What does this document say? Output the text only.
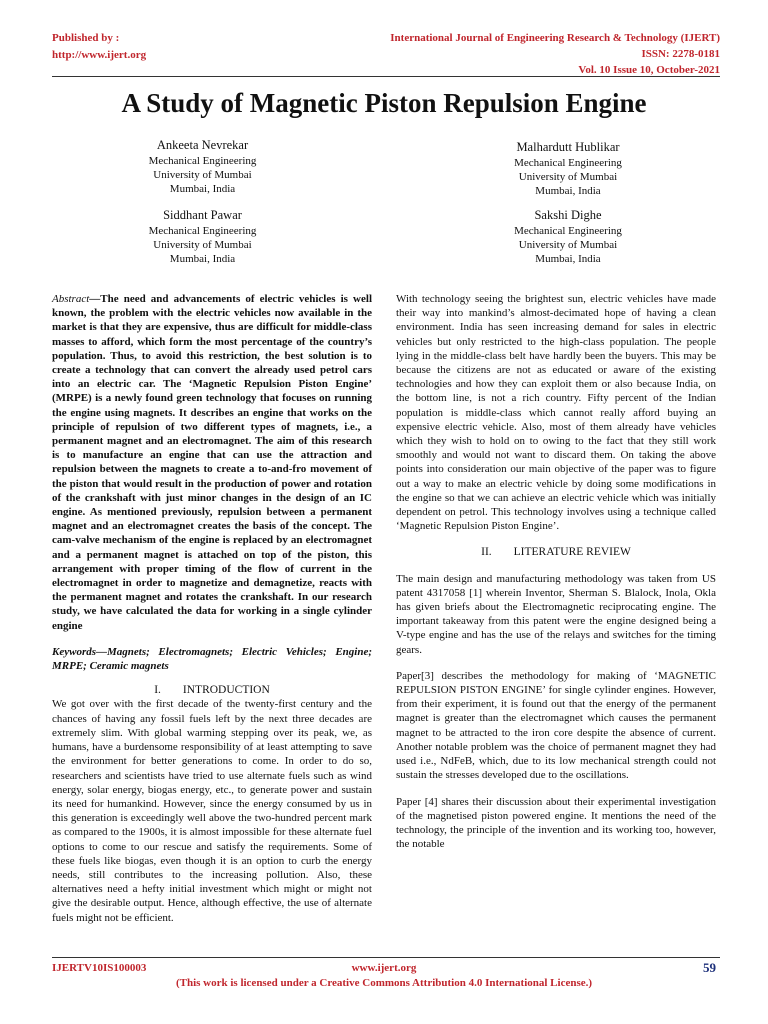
Published by :
http://www.ijert.org
International Journal of Engineering Research & Technology (IJERT)
ISSN: 2278-0181
Vol. 10 Issue 10, October-2021
A Study of Magnetic Piston Repulsion Engine
Ankeeta Nevrekar
Mechanical Engineering
University of Mumbai
Mumbai, India
Malhardutt Hublikar
Mechanical Engineering
University of Mumbai
Mumbai, India
Siddhant Pawar
Mechanical Engineering
University of Mumbai
Mumbai, India
Sakshi Dighe
Mechanical Engineering
University of Mumbai
Mumbai, India

Abstract—The need and advancements of electric vehicles is well known, the problem with the electric vehicles now available in the market is that they are expensive, thus are difficult for middle-class masses to afford, which form the most percentage of the country’s population. Thus, to avoid this restriction, the best solution is to create a technology that can convert the already used petrol cars into an electric car. The ‘Magnetic Repulsion Piston Engine’ (MRPE) is a newly found green technology that focuses on running the engine using magnets. It describes an engine that works on the principle of repulsion of two different types of magnets, i.e., a permanent magnet and an electromagnet. The aim of this research is to manufacture an engine that can use the attraction and repulsion between the magnets to create a to-and-fro movement of the piston that would result in the production of power and rotation of the crankshaft with just minor changes in the design of an IC engine. As mentioned previously, repulsion between a permanent magnet and an electromagnet creates the basis of the concept. The cam-valve mechanism of the engine is replaced by an electromagnet and a permanent magnet is attached on top of the piston, this arrangement with proper timing of the flow of current in the electromagnet in order to magnetize and demagnetize, reacts with the permanent magnet and rotates the crankshaft. In our research study, we have calculated the data for working in a single cylinder engine

Keywords—Magnets; Electromagnets; Electric Vehicles; Engine; MRPE; Ceramic magnets

I. INTRODUCTION

We got over with the first decade of the twenty-first century and the chances of having any fossil fuels left by the next three decades are extremely slim. With global warming stepping over its peak, we, as humans, have a burdensome responsibility of at least attempting to save the environment for better generations to come. In order to do so, researchers and scientists have tried to use alternate fuels such as wind energy, solar energy, biogas energy, etc., to generate power and sustain its need for humankind. However, since the energy consumed by us in this generation is exceedingly well above the two-hundred percent mark as compared to the 1900s, it is almost impossible for these alternate fuel options to come to our rescue and satisfy the requirements. Some of these fuels like biogas, even though it is an option to curb the energy needs, still contributes to the increasing pollution. Also, these alternatives need a hefty initial investment which might or might not give the desirable output. Hence, although effective, the use of alternate fuels might not be efficient.

With technology seeing the brightest sun, electric vehicles have made their way into mankind’s almost-decimated hope of having a clean environment. India has seen increasing demand for sales in electric vehicles but only restricted to the high-class population. The people lying in the middle-class belt have hardly been the buyers. This may be because the citizens are not as educated or aware of the existing technologies and how they can exploit them or also because India, on the bottom line, is not a rich country. Fifty percent of the Indian population is middle-class which cannot really afford buying an expensive electric vehicle. Also, most of them already have vehicles which they wish to hold on to owing to the fact that they still work smoothly and would not want to discard them. On taking the above points into consideration our main objective of the paper was to figure out a way to make an electric vehicle by doing some modifications in the engine so that we can achieve an electric vehicle which was initially dependent on petrol. This technology involves using a technique called ‘Magnetic Repulsion Piston Engine’.

II. LITERATURE REVIEW

The main design and manufacturing methodology was taken from US patent 4317058 [1] wherein Inventor, Sherman S. Blalock, Inola, Okla has given briefs about the Electromagnetic reciprocating engine. The important takeaway from this patent were the engine designed being a V-type engine and has the use of the relays and switches for the timing gears.

Paper[3] describes the methodology for making of ‘MAGNETIC REPULSION PISTON ENGINE’ for single cylinder engines. However, from their experiment, it is found out that the energy of the permanent magnet is greater than the electromagnet which causes the permanent magnet to be attracted to the iron core despite the absence of current. Another notable problem was the choice of permanent magnet they had used i.e., NdFeB, which, due to its low mechanical strength could not sustain the stresses developed due to the oscillations.

Paper [4] shares their discussion about their experimental investigation of the magnetised piston powered engine. It mentions the need of the technology, the principle of the invention and its working too, however, the notable

IJERTV10IS100003	www.ijert.org	59
(This work is licensed under a Creative Commons Attribution 4.0 International License.)
